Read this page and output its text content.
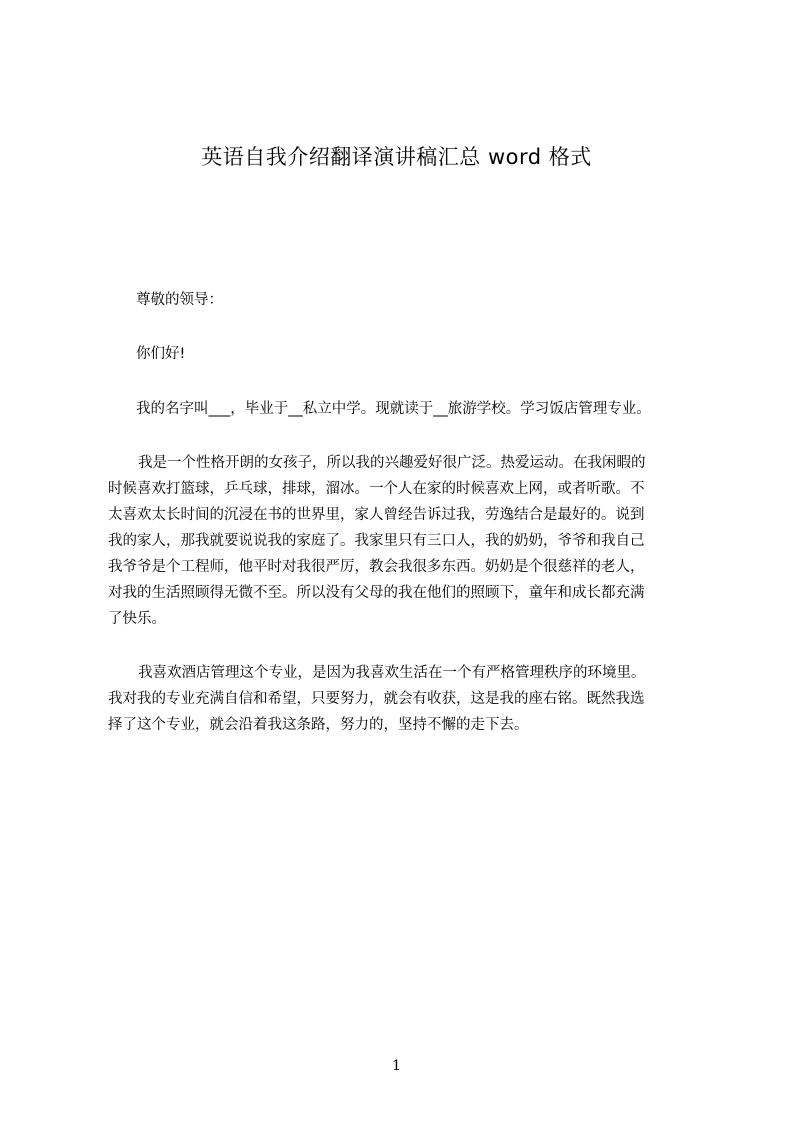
英语自我介绍翻译演讲稿汇总 word 格式
尊敬的领导：
你们好!
我的名字叫___，毕业于__私立中学。现就读于__旅游学校。学习饭店管理专业。
我是一个性格开朗的女孩子，所以我的兴趣爱好很广泛。热爱运动。在我闲暇的
时候喜欢打篮球，乒乓球，排球，溜冰。一个人在家的时候喜欢上网，或者听歌。不
太喜欢太长时间的沉浸在书的世界里，家人曾经告诉过我，劳逸结合是最好的。说到
我的家人，那我就要说说我的家庭了。我家里只有三口人，我的奶奶，爷爷和我自己
我爷爷是个工程师，他平时对我很严厉，教会我很多东西。奶奶是个很慈祥的老人，
对我的生活照顾得无微不至。所以没有父母的我在他们的照顾下，童年和成长都充满
了快乐。
我喜欢酒店管理这个专业，是因为我喜欢生活在一个有严格管理秩序的环境里。
我对我的专业充满自信和希望，只要努力，就会有收获，这是我的座右铭。既然我选
择了这个专业，就会沿着我这条路，努力的，坚持不懈的走下去。
1
